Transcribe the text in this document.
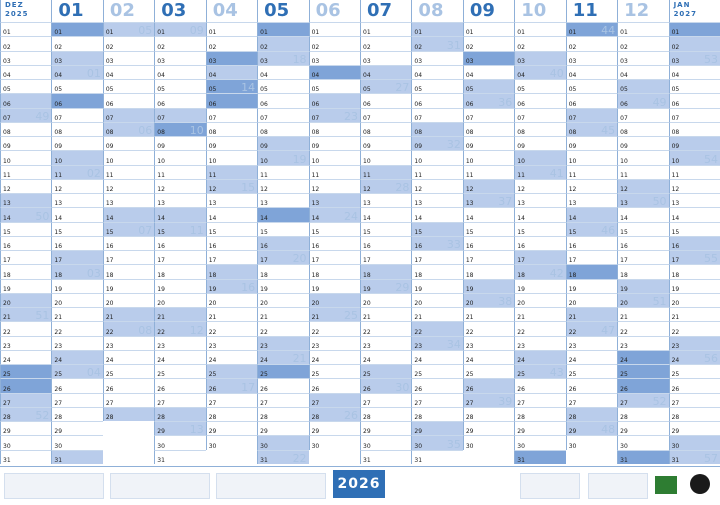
DEZ
2025 01 02 03 04 05 06 07 08 09 10 11 12	JAN
2027
01
02
03
04
05
06
07 49
08
09
10
11
12
13
14 50
15
16
17
18
19
20
21 51
22
23
24
25
26
27
28 52
29
30
31
01
02
03
04 01
05
06
07
08
09
10
11 02
12
13
14
15
16
17
18 03
19
20
21
22
23
24
25 04
26
27
28
29
30
31
01 05
02
03
04
05
06
07
08 06
09
10
11
12
13
14
15 07
16
17
18
19
20
21
22 08
23
24
25
26
27
28
01 09
02
03
04
05
06
07
08 10
09
10
11
12
13
14
15 11
16
17
18
19
20
21
22 12
23
24
25
26
27
28
29 13
30
31
01
02
03
04
05 14
06
07
08
09
10
11
12 15
13
14
15
16
17
18
19 16
20
21
22
23
24
25
26 17
27
28
29
30
01
02
03 18
04
05
06
07
08
09
10 19
11
12
13
14
15
16
17 20
18
19
20
21
22
23
24 21
25
26
27
28
29
30
31 22
01
02
03
04
05
06
07 23
08
09
10
11
12
13
14 24
15
16
17
18
19
20
21 25
22
23
24
25
26
27
28 26
29
30
01
02
03
04
05 27
06
07
08
09
10
11
12 28
13
14
15
16
17
18
19 29
20
21
22
23
24
25
26 30
27
28
29
30
31
01
02 31
03
04
05
06
07
08
09 32
10
11
12
13
14
15
16 33
17
18
19
20
21
22
23 34
24
25
26
27
28
29
30 35
31
01
02
03
04
05
06 36
07
08
09
10
11
12
13 37
14
15
16
17
18
19
20 38
21
22
23
24
25
26
27 39
28
29
30
01
02
03
04 40
05
06
07
08
09
10
11 41
12
13
14
15
16
17
18 42
19
20
21
22
23
24
25 43
26
27
28
29
30
31
01 44
02
03
04
05
06
07
08 45
09
10
11
12
13
14
15 46
16
17
18
19
20
21
22 47
23
24
25
26
27
28
29 48
30
01
02
03
04
05
06 49
07
08
09
10
11
12
13 50
14
15
16
17
18
19
20 51
21
22
23
24
25
26
27 52
28
29
30
31
01
02
03 53
04
05
06
07
08
09
10 54
11
12
13
14
15
16
17 55
18
19
20
21
22
23
24 56
25
26
27
28
29
30
31 57
2026
